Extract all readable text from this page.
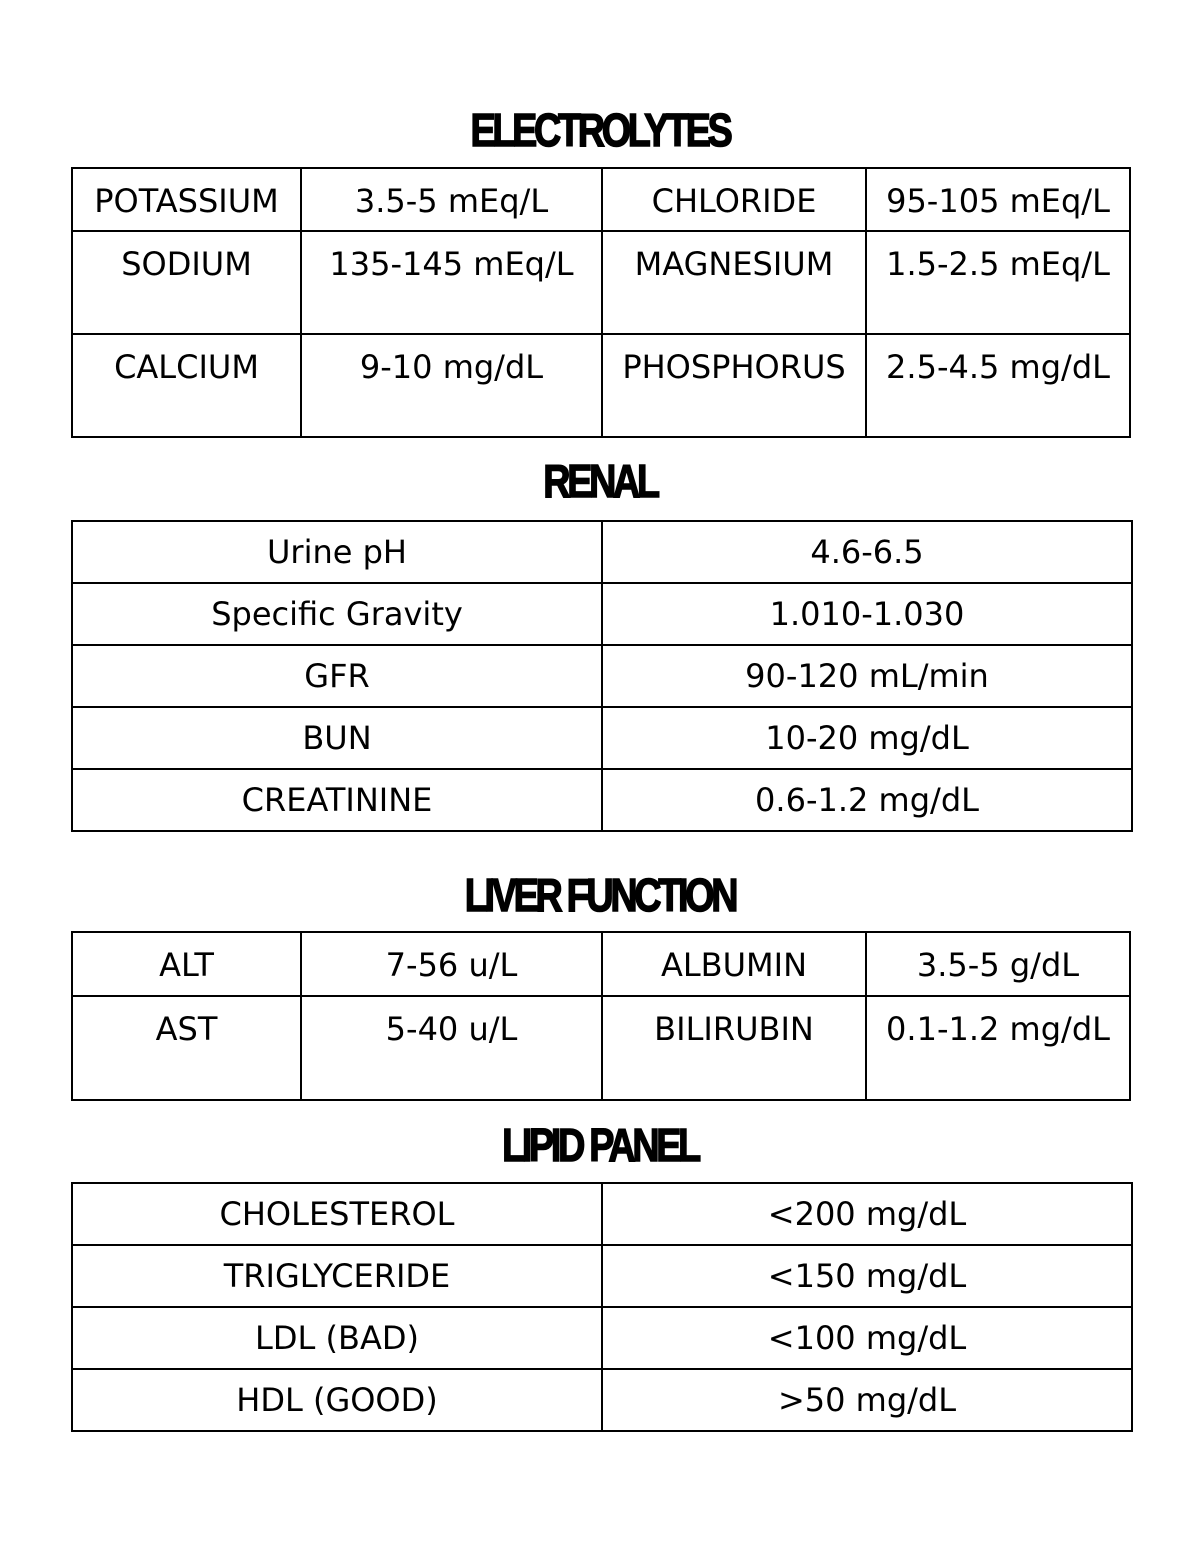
ELECTROLYTES
POTASSIUM	3.5-5 mEq/L	CHLORIDE	95-105 mEq/L
SODIUM	135-145 mEq/L	MAGNESIUM	1.5-2.5 mEq/L
CALCIUM	9-10 mg/dL	PHOSPHORUS	2.5-4.5 mg/dL
RENAL
Urine pH	4.6-6.5
Specific Gravity	1.010-1.030
GFR	90-120 mL/min
BUN	10-20 mg/dL
CREATININE	0.6-1.2 mg/dL
LIVER FUNCTION
ALT	7-56 u/L	ALBUMIN	3.5-5 g/dL
AST	5-40 u/L	BILIRUBIN	0.1-1.2 mg/dL
LIPID PANEL
CHOLESTEROL	<200 mg/dL
TRIGLYCERIDE	<150 mg/dL
LDL (BAD)	<100 mg/dL
HDL (GOOD)	>50 mg/dL
